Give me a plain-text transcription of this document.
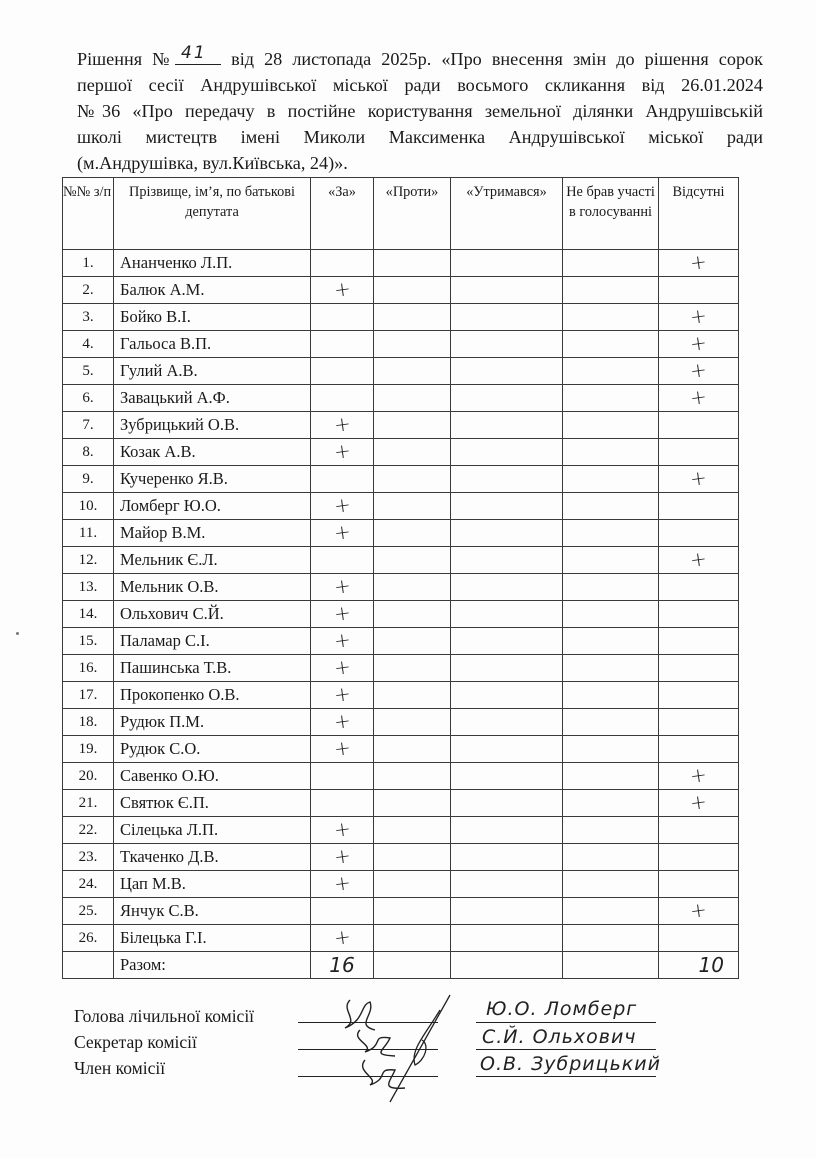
Рішення № 41 від 28 листопада 2025р. «Про внесення змін до рішення сорок
першої сесії Андрушівської міської ради восьмого скликання від 26.01.2024
№36 «Про передачу в постійне користування земельної ділянки Андрушівській
школі мистецтв імені Миколи Максименка Андрушівської міської ради
(м.Андрушівка, вул.Київська, 24)».
№№ з/п	Прізвище, ім’я, по батькові депутата	«За»	«Проти»	«Утримався»	Не брав участі в голосуванні	Відсутні
1.	Ананченко Л.П.					+
2.	Балюк А.М.	+				
3.	Бойко В.І.					+
4.	Гальоса В.П.					+
5.	Гулий А.В.					+
6.	Завацький А.Ф.					+
7.	Зубрицький О.В.	+				
8.	Козак А.В.	+				
9.	Кучеренко Я.В.					+
10.	Ломберг Ю.О.	+				
11.	Майор В.М.	+				
12.	Мельник Є.Л.					+
13.	Мельник О.В.	+				
14.	Ольхович С.Й.	+				
15.	Паламар С.І.	+				
16.	Пашинська Т.В.	+				
17.	Прокопенко О.В.	+				
18.	Рудюк П.М.	+				
19.	Рудюк С.О.	+				
20.	Савенко О.Ю.					+
21.	Святюк Є.П.					+
22.	Сілецька Л.П.	+				
23.	Ткаченко Д.В.	+				
24.	Цап М.В.	+				
25.	Янчук С.В.					+
26.	Білецька Г.І.	+				
	Разом:	16				10
Голова лічильної комісії
Секретар комісії
Член комісії
Ю.О. Ломберг
С.Й. Ольхович
О.В. Зубрицький
